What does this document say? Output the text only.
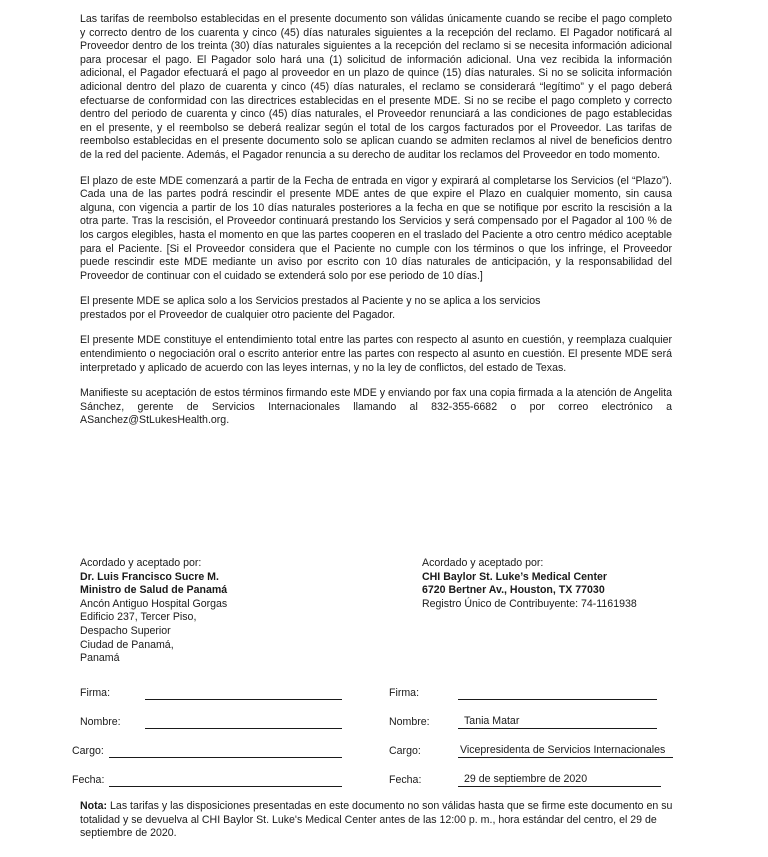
Las tarifas de reembolso establecidas en el presente documento son válidas únicamente cuando se recibe el pago completo y correcto dentro de los cuarenta y cinco (45) días naturales siguientes a la recepción del reclamo. El Pagador notificará al Proveedor dentro de los treinta (30) días naturales siguientes a la recepción del reclamo si se necesita información adicional para procesar el pago. El Pagador solo hará una (1) solicitud de información adicional. Una vez recibida la información adicional, el Pagador efectuará el pago al proveedor en un plazo de quince (15) días naturales. Si no se solicita información adicional dentro del plazo de cuarenta y cinco (45) días naturales, el reclamo se considerará “legítimo” y el pago deberá efectuarse de conformidad con las directrices establecidas en el presente MDE. Si no se recibe el pago completo y correcto dentro del periodo de cuarenta y cinco (45) días naturales, el Proveedor renunciará a las condiciones de pago establecidas en el presente, y el reembolso se deberá realizar según el total de los cargos facturados por el Proveedor. Las tarifas de reembolso establecidas en el presente documento solo se aplican cuando se admiten reclamos al nivel de beneficios dentro de la red del paciente. Además, el Pagador renuncia a su derecho de auditar los reclamos del Proveedor en todo momento.

El plazo de este MDE comenzará a partir de la Fecha de entrada en vigor y expirará al completarse los Servicios (el “Plazo”). Cada una de las partes podrá rescindir el presente MDE antes de que expire el Plazo en cualquier momento, sin causa alguna, con vigencia a partir de los 10 días naturales posteriores a la fecha en que se notifique por escrito la rescisión a la otra parte. Tras la rescisión, el Proveedor continuará prestando los Servicios y será compensado por el Pagador al 100 % de los cargos elegibles, hasta el momento en que las partes cooperen en el traslado del Paciente a otro centro médico aceptable para el Paciente. [Si el Proveedor considera que el Paciente no cumple con los términos o que los infringe, el Proveedor puede rescindir este MDE mediante un aviso por escrito con 10 días naturales de anticipación, y la responsabilidad del Proveedor de continuar con el cuidado se extenderá solo por ese periodo de 10 días.]

El presente MDE se aplica solo a los Servicios prestados al Paciente y no se aplica a los servicios prestados por el Proveedor de cualquier otro paciente del Pagador.

El presente MDE constituye el entendimiento total entre las partes con respecto al asunto en cuestión, y reemplaza cualquier entendimiento o negociación oral o escrito anterior entre las partes con respecto al asunto en cuestión. El presente MDE será interpretado y aplicado de acuerdo con las leyes internas, y no la ley de conflictos, del estado de Texas.

Manifieste su aceptación de estos términos firmando este MDE y enviando por fax una copia firmada a la atención de Angelita Sánchez, gerente de Servicios Internacionales llamando al 832-355-6682 o por correo electrónico a ASanchez@StLukesHealth.org.

Acordado y aceptado por:
Dr. Luis Francisco Sucre M.
Ministro de Salud de Panamá
Ancón Antiguo Hospital Gorgas
Edificio 237, Tercer Piso,
Despacho Superior
Ciudad de Panamá,
Panamá
Acordado y aceptado por:
CHI Baylor St. Luke’s Medical Center
6720 Bertner Av., Houston, TX 77030
Registro Único de Contribuyente: 74-1161938
Firma:
Nombre:
Cargo:
Fecha:
Firma:
Nombre:	Tania Matar
Cargo:	Vicepresidenta de Servicios Internacionales
Fecha:	29 de septiembre de 2020
Nota: Las tarifas y las disposiciones presentadas en este documento no son válidas hasta que se firme este documento en su totalidad y se devuelva al CHI Baylor St. Luke's Medical Center antes de las 12:00 p. m., hora estándar del centro, el 29 de septiembre de 2020.
